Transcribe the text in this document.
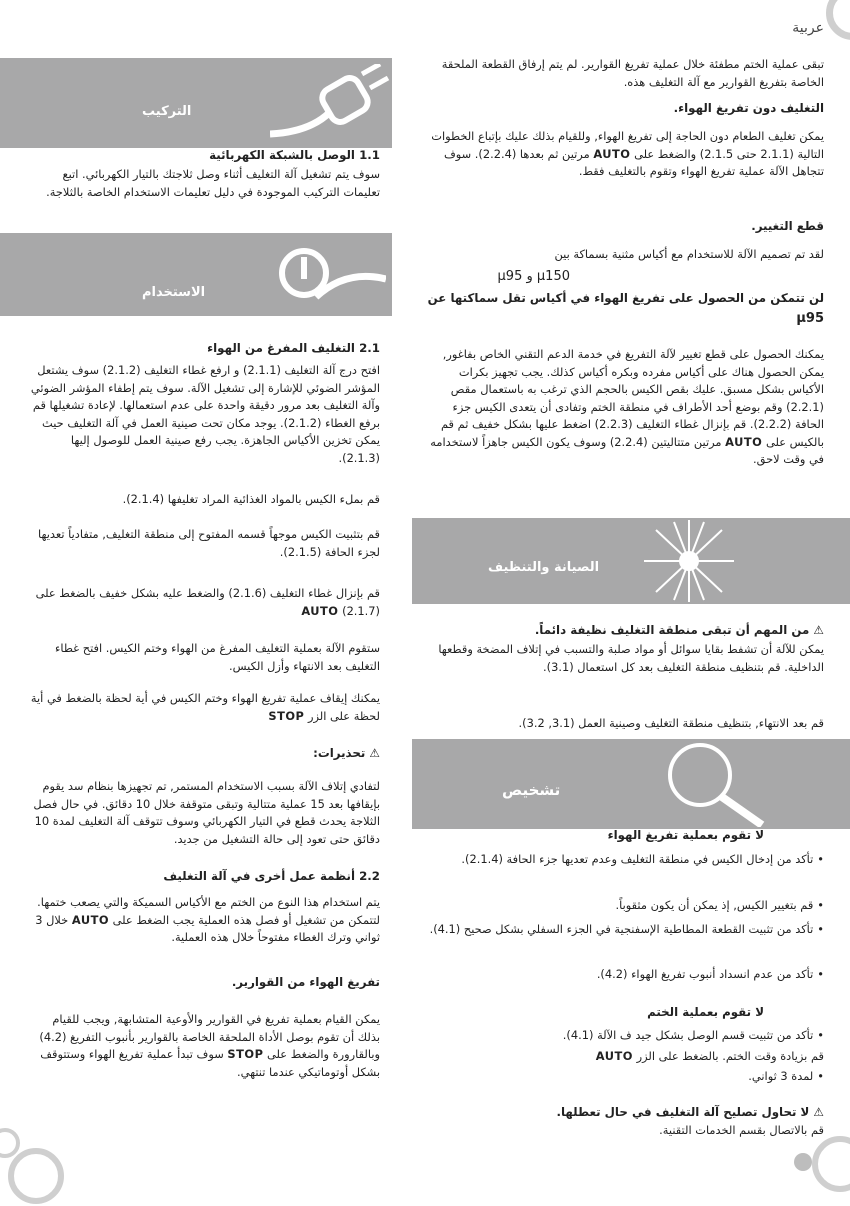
عربية
التركيب
1.1 الوصل بالشبكة الكهربائية
سوف يتم تشغيل آلة التغليف أثناء وصل ثلاجتك بالتيار الكهربائي. اتبع تعليمات التركيب الموجودة في دليل تعليمات الاستخدام الخاصة بالثلاجة.
الاستخدام
2.1 التغليف المفرغ من الهواء
افتح درج آلة التغليف (2.1.1) و ارفع غطاء التغليف (2.1.2) سوف يشتعل المؤشر الضوئي للإشارة إلى تشغيل الآلة. سوف يتم إطفاء المؤشر الضوئي وآلة التغليف بعد مرور دقيقة واحدة على عدم استعمالها. لإعادة تشغيلها قم برفع الغطاء (2.1.2). يوجد مكان تحت صينية العمل في آلة التغليف حيث يمكن تخزين الأكياس الجاهزة. يجب رفع صينية العمل للوصول إليها (2.1.3).
قم بملء الكيس بالمواد الغذائية المراد تغليفها (2.1.4).
قم بتثبيت الكيس موجهاً قسمه المفتوح إلى منطقة التغليف, متفادياً تعديها لجزء الحافة (2.1.5).
قم بإنزال غطاء التغليف (2.1.6) والضغط عليه بشكل خفيف بالضغط على (2.1.7) AUTO
ستقوم الآلة بعملية التغليف المفرغ من الهواء وختم الكيس. افتح غطاء التغليف بعد الانتهاء وأزل الكيس.
يمكنك إيقاف عملية تفريغ الهواء وختم الكيس في أية لحظة بالضغط في أية لحظة على الزر STOP
⚠ تحذيرات:
لتفادي إتلاف الآلة بسبب الاستخدام المستمر, تم تجهيزها بنظام سد يقوم بإيقافها بعد 15 عملية متتالية وتبقى متوقفة خلال 10 دقائق. في حال فصل الثلاجة يحدث قطع في التيار الكهربائي وسوف تتوقف آلة التغليف لمدة 10 دقائق حتى تعود إلى حالة التشغيل من جديد.
2.2 أنظمة عمل أخرى في آلة التغليف
يتم استخدام هذا النوع من الختم مع الأكياس السميكة والتي يصعب ختمها. لتتمكن من تشغيل أو فصل هذه العملية يجب الضغط على AUTO خلال 3 ثواني وترك الغطاء مفتوحاً خلال هذه العملية.
تفريغ الهواء من القوارير.
يمكن القيام بعملية تفريغ في القوارير والأوعية المتشابهة, ويجب للقيام بذلك أن تقوم بوصل الأداة الملحقة الخاصة بالقوارير بأنبوب التفريغ (4.2) وبالقارورة والضغط على STOP سوف تبدأ عملية تفريغ الهواء وستتوقف بشكل أوتوماتيكي عندما تنتهي.
تبقى عملية الختم مطفئة خلال عملية تفريغ القوارير. لم يتم إرفاق القطعة الملحقة الخاصة بتفريغ القوارير مع آلة التغليف هذه.
التغليف دون تفريغ الهواء.
يمكن تغليف الطعام دون الحاجة إلى تفريغ الهواء, وللقيام بذلك عليك بإتباع الخطوات التالية (2.1.1 حتى 2.1.5) والضغط على AUTO مرتين ثم بعدها (2.2.4). سوف تتجاهل الآلة عملية تفريغ الهواء وتقوم بالتغليف فقط.
قطع التغيير.
لقد تم تصميم الآلة للاستخدام مع أكياس مثنية بسماكة بين
μ150 و μ95
لن تتمكن من الحصول على تفريغ الهواء في أكياس تقل سماكتها عن μ95
يمكنك الحصول على قطع تغيير لآلة التفريغ في خدمة الدعم التقني الخاص بفاغور, يمكن الحصول هناك على أكياس مفرده وبكره أكياس كذلك. يجب تجهيز بكرات الأكياس بشكل مسبق. عليك بقص الكيس بالحجم الذي ترغب به باستعمال مقص (2.2.1) وقم بوضع أحد الأطراف في منطقة الختم وتفادى أن يتعدى الكيس جزء الحافة (2.2.2). قم بإنزال غطاء التغليف (2.2.3) اضغط عليها بشكل خفيف ثم قم بالكيس على AUTO مرتين متتاليتين (2.2.4) وسوف يكون الكيس جاهزاً لاستخدامه في وقت لاحق.
الصيانة والتنظيف
⚠ من المهم أن تبقى منطقة التغليف نظيفة دائماً.
يمكن للآلة أن تشفط بقايا سوائل أو مواد صلبة والتسبب في إتلاف المضخة وقطعها الداخلية. قم بتنظيف منطقة التغليف بعد كل استعمال (3.1).
قم بعد الانتهاء, بتنظيف منطقة التغليف وصينية العمل (3.1, 3.2).
تشخيص
لا تقوم بعملية تفريغ الهواء
• تأكد من إدخال الكيس في منطقة التغليف وعدم تعديها جزء الحافة (2.1.4).
• قم بتغيير الكيس, إذ يمكن أن يكون مثقوباً.
• تأكد من تثبيت القطعة المطاطية الإسفنجية في الجزء السفلي بشكل صحيح (4.1).
• تأكد من عدم انسداد أنبوب تفريغ الهواء (4.2).
لا تقوم بعملية الختم
• تأكد من تثبيت قسم الوصل بشكل جيد ف الآلة (4.1).
قم بزيادة وقت الختم. بالضغط على الزر AUTO
• لمدة 3 ثواني.
⚠ لا تحاول تصليح آلة التغليف في حال تعطلها.
قم بالاتصال بقسم الخدمات التقنية.
